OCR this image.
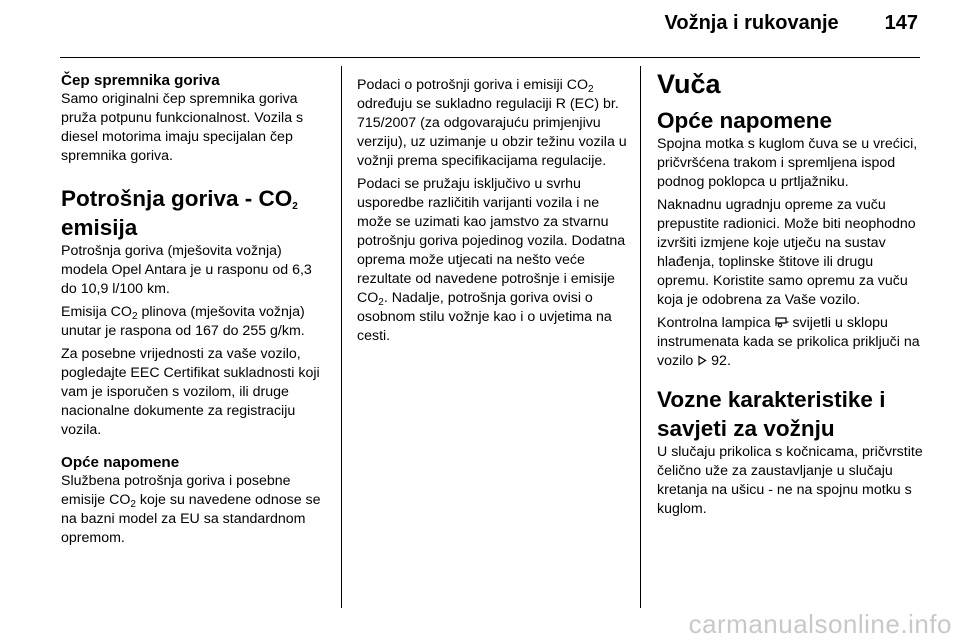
Vožnja i rukovanje 147
Čep spremnika goriva

Samo originalni čep spremnika goriva pruža potpunu funkcionalnost. Vozila s diesel motorima imaju specijalan čep spremnika goriva.

Potrošnja goriva - $CO_2$
emisija

Potrošnja goriva (mješovita vožnja) modela Opel Antara je u rasponu od 6,3 do 10,9 l/100 km.

Emisija $CO_2$ plinova (mješovita vožnja) unutar je raspona od 167 do 255 g/km.

Za posebne vrijednosti za vaše vozilo, pogledajte EEC Certifikat sukladnosti koji vam je isporučen s vozilom, ili druge nacionalne dokumente za registraciju vozila.

Opće napomene

Službena potrošnja goriva i posebne emisije $CO_2$ koje su navedene odnose se na bazni model za EU sa standardnom opremom.

Podaci o potrošnji goriva i emisiji $CO_2$ određuju se sukladno regulaciji R (EC) br. 715/2007 (za odgovarajuću primjenjivu verziju), uz uzimanje u obzir težinu vozila u vožnji prema specifikacijama regulacije.

Podaci se pružaju isključivo u svrhu usporedbe različitih varijanti vozila i ne može se uzimati kao jamstvo za stvarnu potrošnju goriva pojedinog vozila. Dodatna oprema može utjecati na nešto veće rezultate od navedene potrošnje i emisije $CO_2$. Nadalje, potrošnja goriva ovisi o osobnom stilu vožnje kao i o uvjetima na cesti.

Vuča
Opće napomene

Spojna motka s kuglom čuva se u vrećici, pričvršćena trakom i spremljena ispod podnog poklopca u prtljažniku.

Naknadnu ugradnju opreme za vuču prepustite radionici. Može biti neophodno izvršiti izmjene koje utječu na sustav hlađenja, toplinske štitove ili drugu opremu. Koristite samo opremu za vuču koja je odobrena za Vaše vozilo.

Kontrolna lampica  svijetli u sklopu instrumenata kada se prikolica priključi na vozilo  92.

Vozne karakteristike i savjeti za vožnju

U slučaju prikolica s kočnicama, pričvrstite čelično uže za zaustavljanje u slučaju kretanja na ušicu - ne na spojnu motku s kuglom.

carmanualsonline.info
